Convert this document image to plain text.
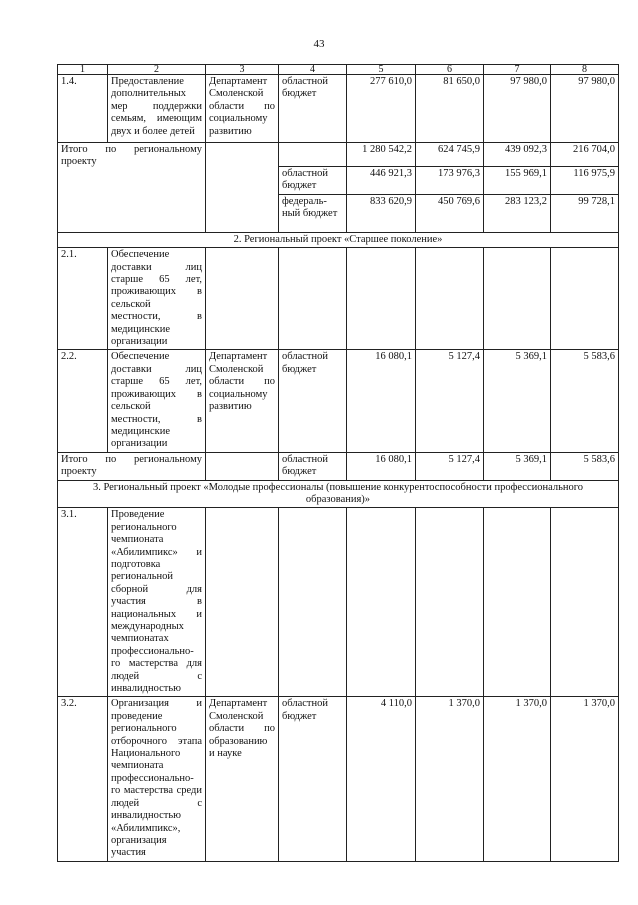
43
1	2	3	4	5	6	7	8
1.4.	Предоставление дополнительных мер поддержки семьям, имеющим двух и более детей	Департамент Смоленской области по социальному развитию	областной бюджет	277 610,0	81 650,0	97 980,0	97 980,0
Итого по региональному проекту				1 280 542,2	624 745,9	439 092,3	216 704,0
			областной бюджет	446 921,3	173 976,3	155 969,1	116 975,9
			федераль-ный бюджет	833 620,9	450 769,6	283 123,2	99 728,1
2. Региональный проект «Старшее поколение»							
2.1.	Обеспечение доставки лиц старше 65 лет, проживающих в сельской местности, в медицинские организации						
2.2.	Обеспечение доставки лиц старше 65 лет, проживающих в сельской местности, в медицинские организации	Департамент Смоленской области по социальному развитию	областной бюджет	16 080,1	5 127,4	5 369,1	5 583,6
Итого по региональному проекту			областной бюджет	16 080,1	5 127,4	5 369,1	5 583,6
3. Региональный проект «Молодые профессионалы (повышение конкурентоспособности профессионального образования)»							
3.1.	Проведение регионального чемпионата «Абилимпикс» и подготовка региональной сборной для участия в национальных и международных чемпионатах профессионально-го мастерства для людей с инвалидностью						
3.2.	Организация и проведение регионального отборочного этапа Национального чемпионата профессионально-го мастерства среди людей с инвалидностью «Абилимпикс», организация участия	Департамент Смоленской области по образованию и науке	областной бюджет	4 110,0	1 370,0	1 370,0	1 370,0
